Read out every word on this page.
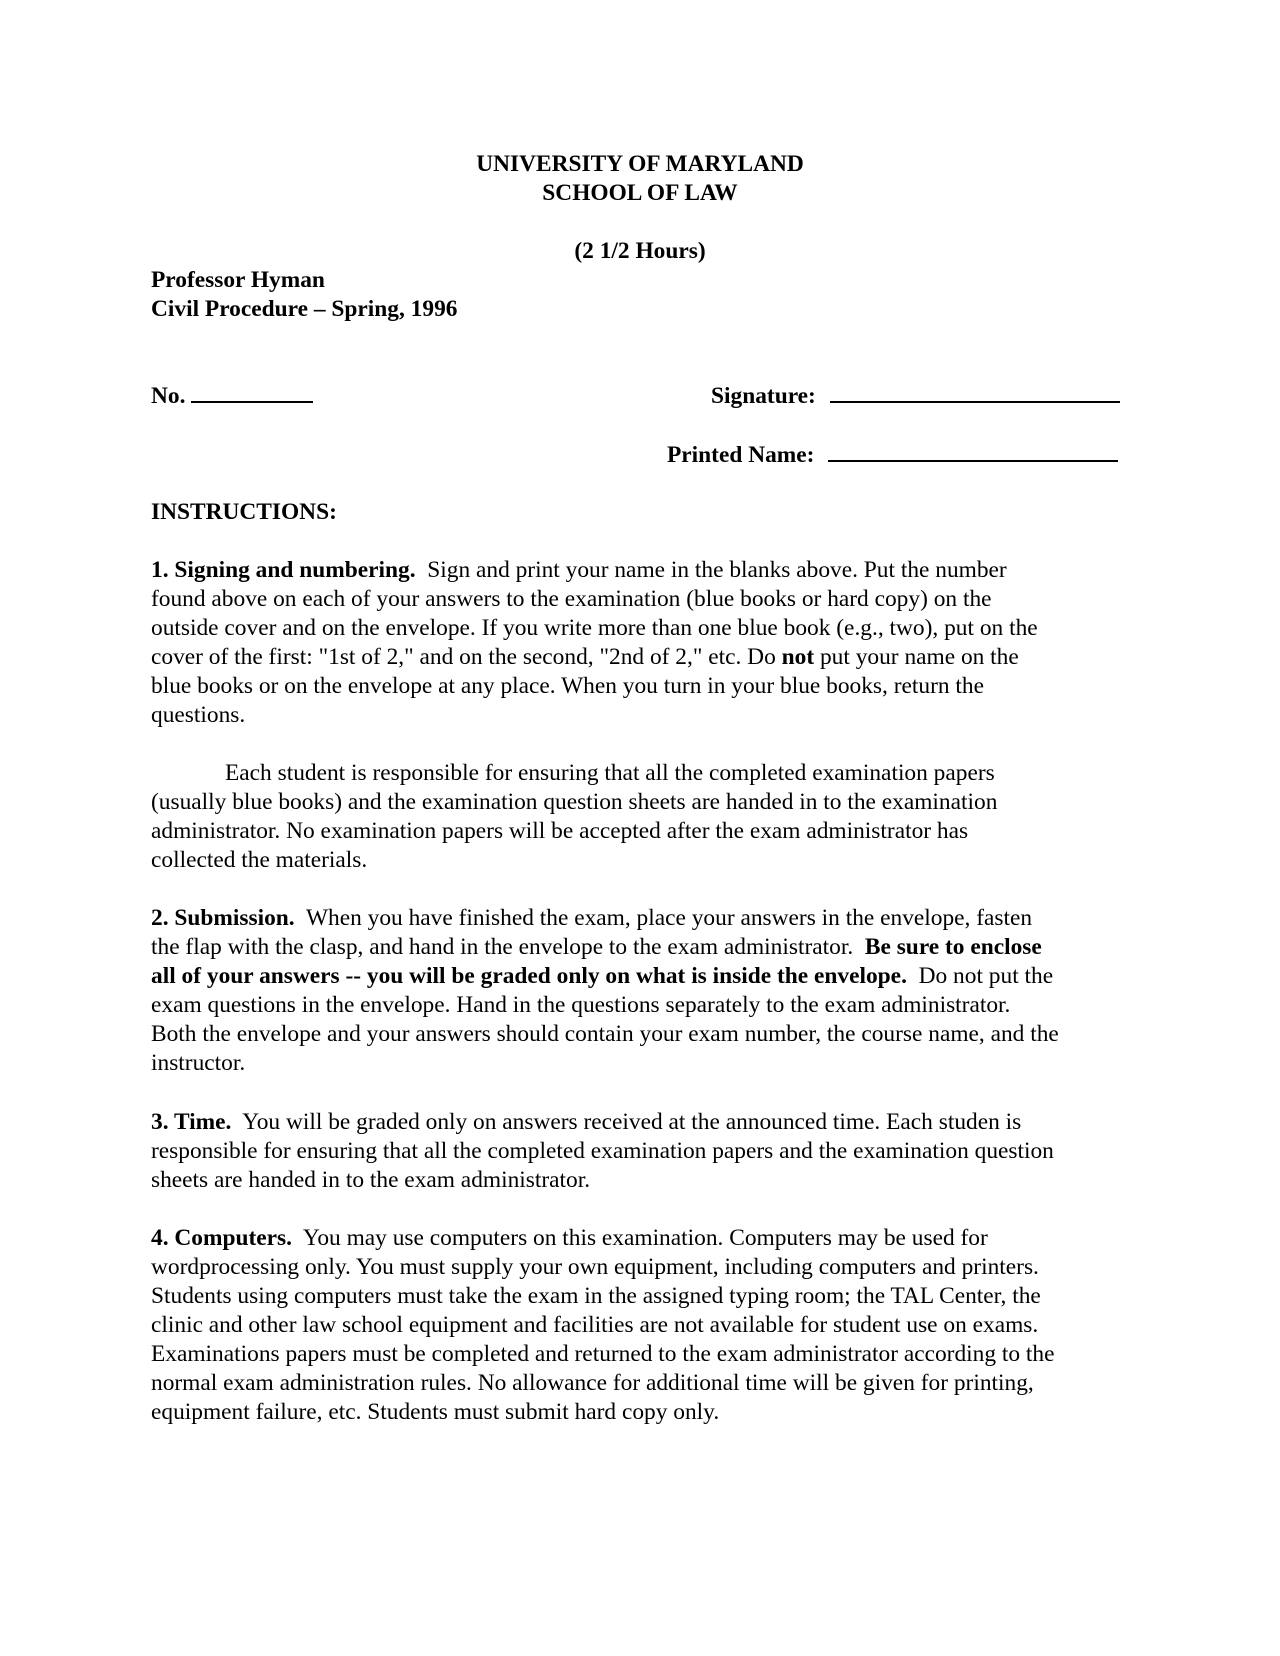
UNIVERSITY OF MARYLAND
SCHOOL OF LAW
(2 1/2 Hours)
Professor Hyman
Civil Procedure – Spring, 1996
No.	Signature:
Printed Name:
INSTRUCTIONS:
1. Signing and numbering. Sign and print your name in the blanks above. Put the number
found above on each of your answers to the examination (blue books or hard copy) on the
outside cover and on the envelope. If you write more than one blue book (e.g., two), put on the
cover of the first: "1st of 2," and on the second, "2nd of 2," etc. Do not put your name on the
blue books or on the envelope at any place. When you turn in your blue books, return the
questions.
Each student is responsible for ensuring that all the completed examination papers
(usually blue books) and the examination question sheets are handed in to the examination
administrator. No examination papers will be accepted after the exam administrator has
collected the materials.
2. Submission. When you have finished the exam, place your answers in the envelope, fasten
the flap with the clasp, and hand in the envelope to the exam administrator. Be sure to enclose
all of your answers -- you will be graded only on what is inside the envelope. Do not put the
exam questions in the envelope. Hand in the questions separately to the exam administrator.
Both the envelope and your answers should contain your exam number, the course name, and the
instructor.
3. Time. You will be graded only on answers received at the announced time. Each studen is
responsible for ensuring that all the completed examination papers and the examination question
sheets are handed in to the exam administrator.
4. Computers. You may use computers on this examination. Computers may be used for
wordprocessing only. You must supply your own equipment, including computers and printers.
Students using computers must take the exam in the assigned typing room; the TAL Center, the
clinic and other law school equipment and facilities are not available for student use on exams.
Examinations papers must be completed and returned to the exam administrator according to the
normal exam administration rules. No allowance for additional time will be given for printing,
equipment failure, etc. Students must submit hard copy only.
